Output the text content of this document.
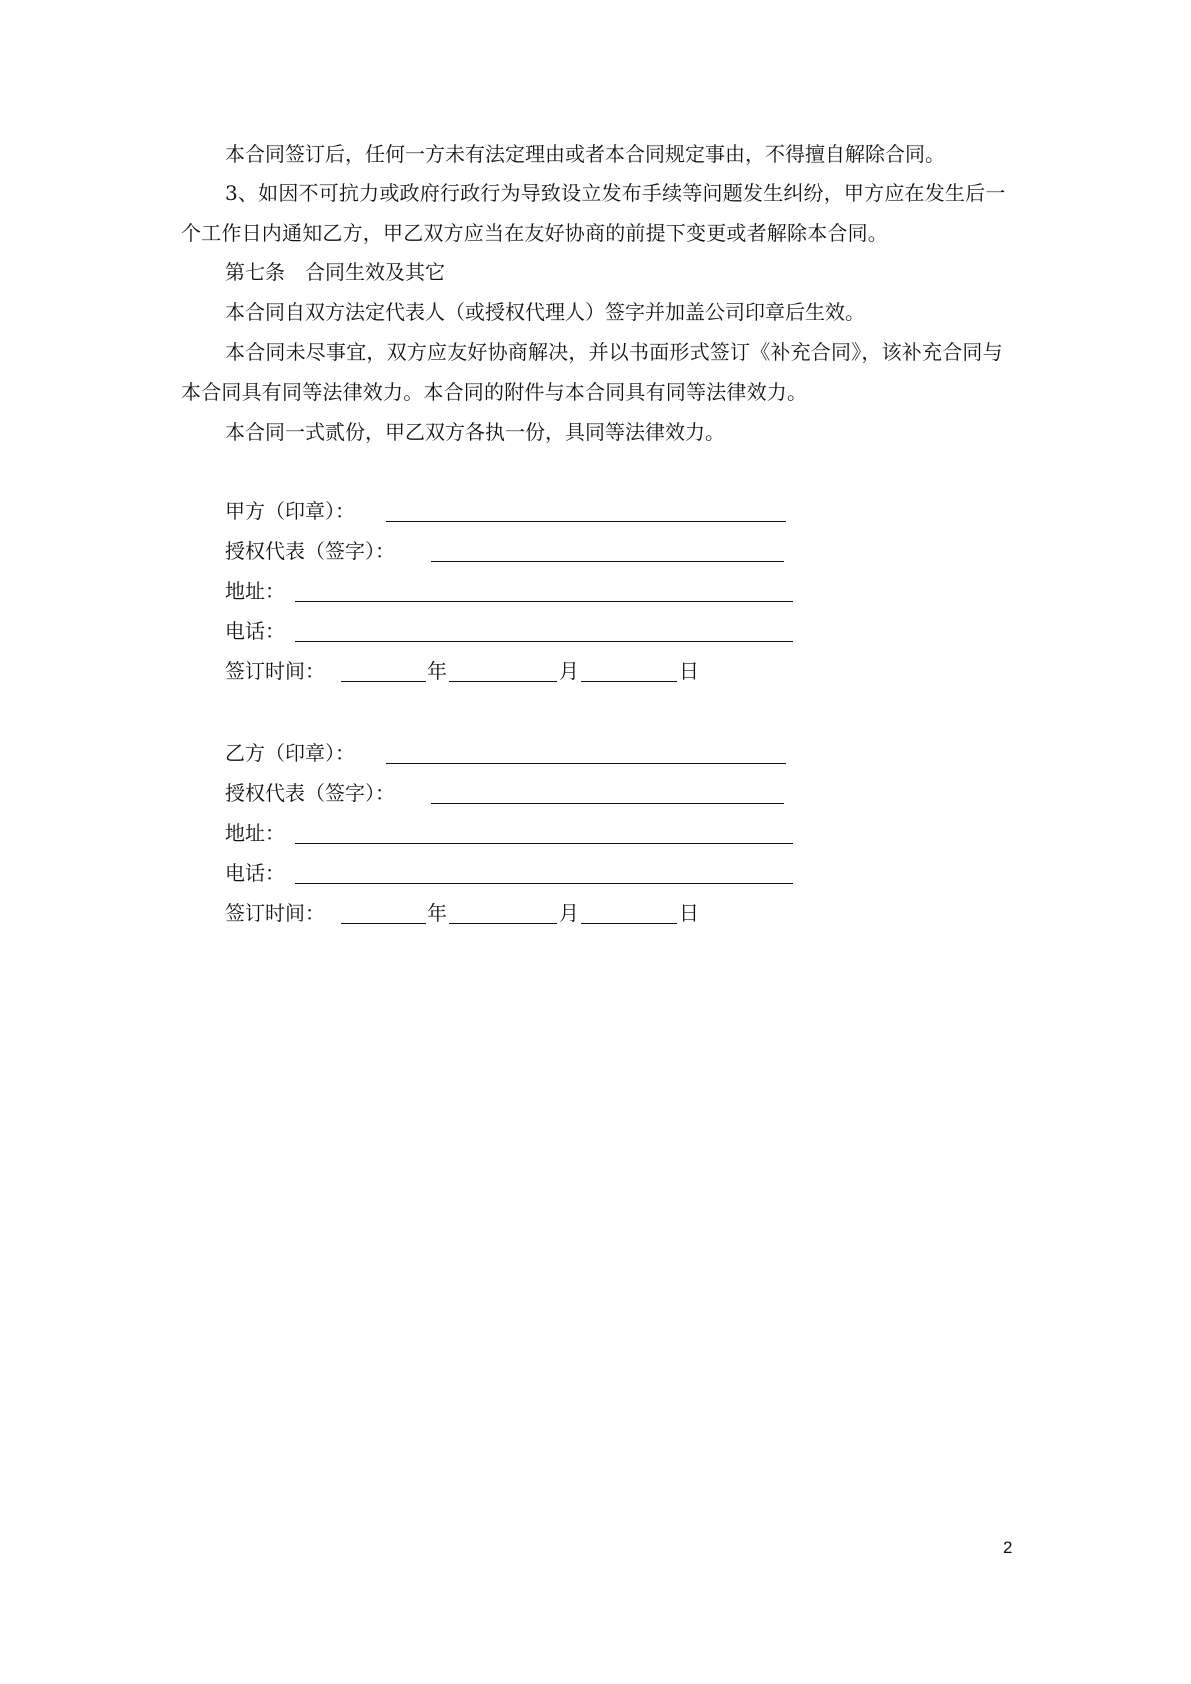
本合同签订后，任何一方未有法定理由或者本合同规定事由，不得擅自解除合同。

3、如因不可抗力或政府行政行为导致设立发布手续等问题发生纠纷，甲方应在发生后一个工作日内通知乙方，甲乙双方应当在友好协商的前提下变更或者解除本合同。

第七条　合同生效及其它

本合同自双方法定代表人（或授权代理人）签字并加盖公司印章后生效。

本合同未尽事宜，双方应友好协商解决，并以书面形式签订《补充合同》，该补充合同与本合同具有同等法律效力。本合同的附件与本合同具有同等法律效力。

本合同一式贰份，甲乙双方各执一份，具同等法律效力。

甲方（印章）：
授权代表（签字）：
地址：
电话：
签订时间：	年	月	日
乙方（印章）：
授权代表（签字）：
地址：
电话：
签订时间：	年	月	日
2
